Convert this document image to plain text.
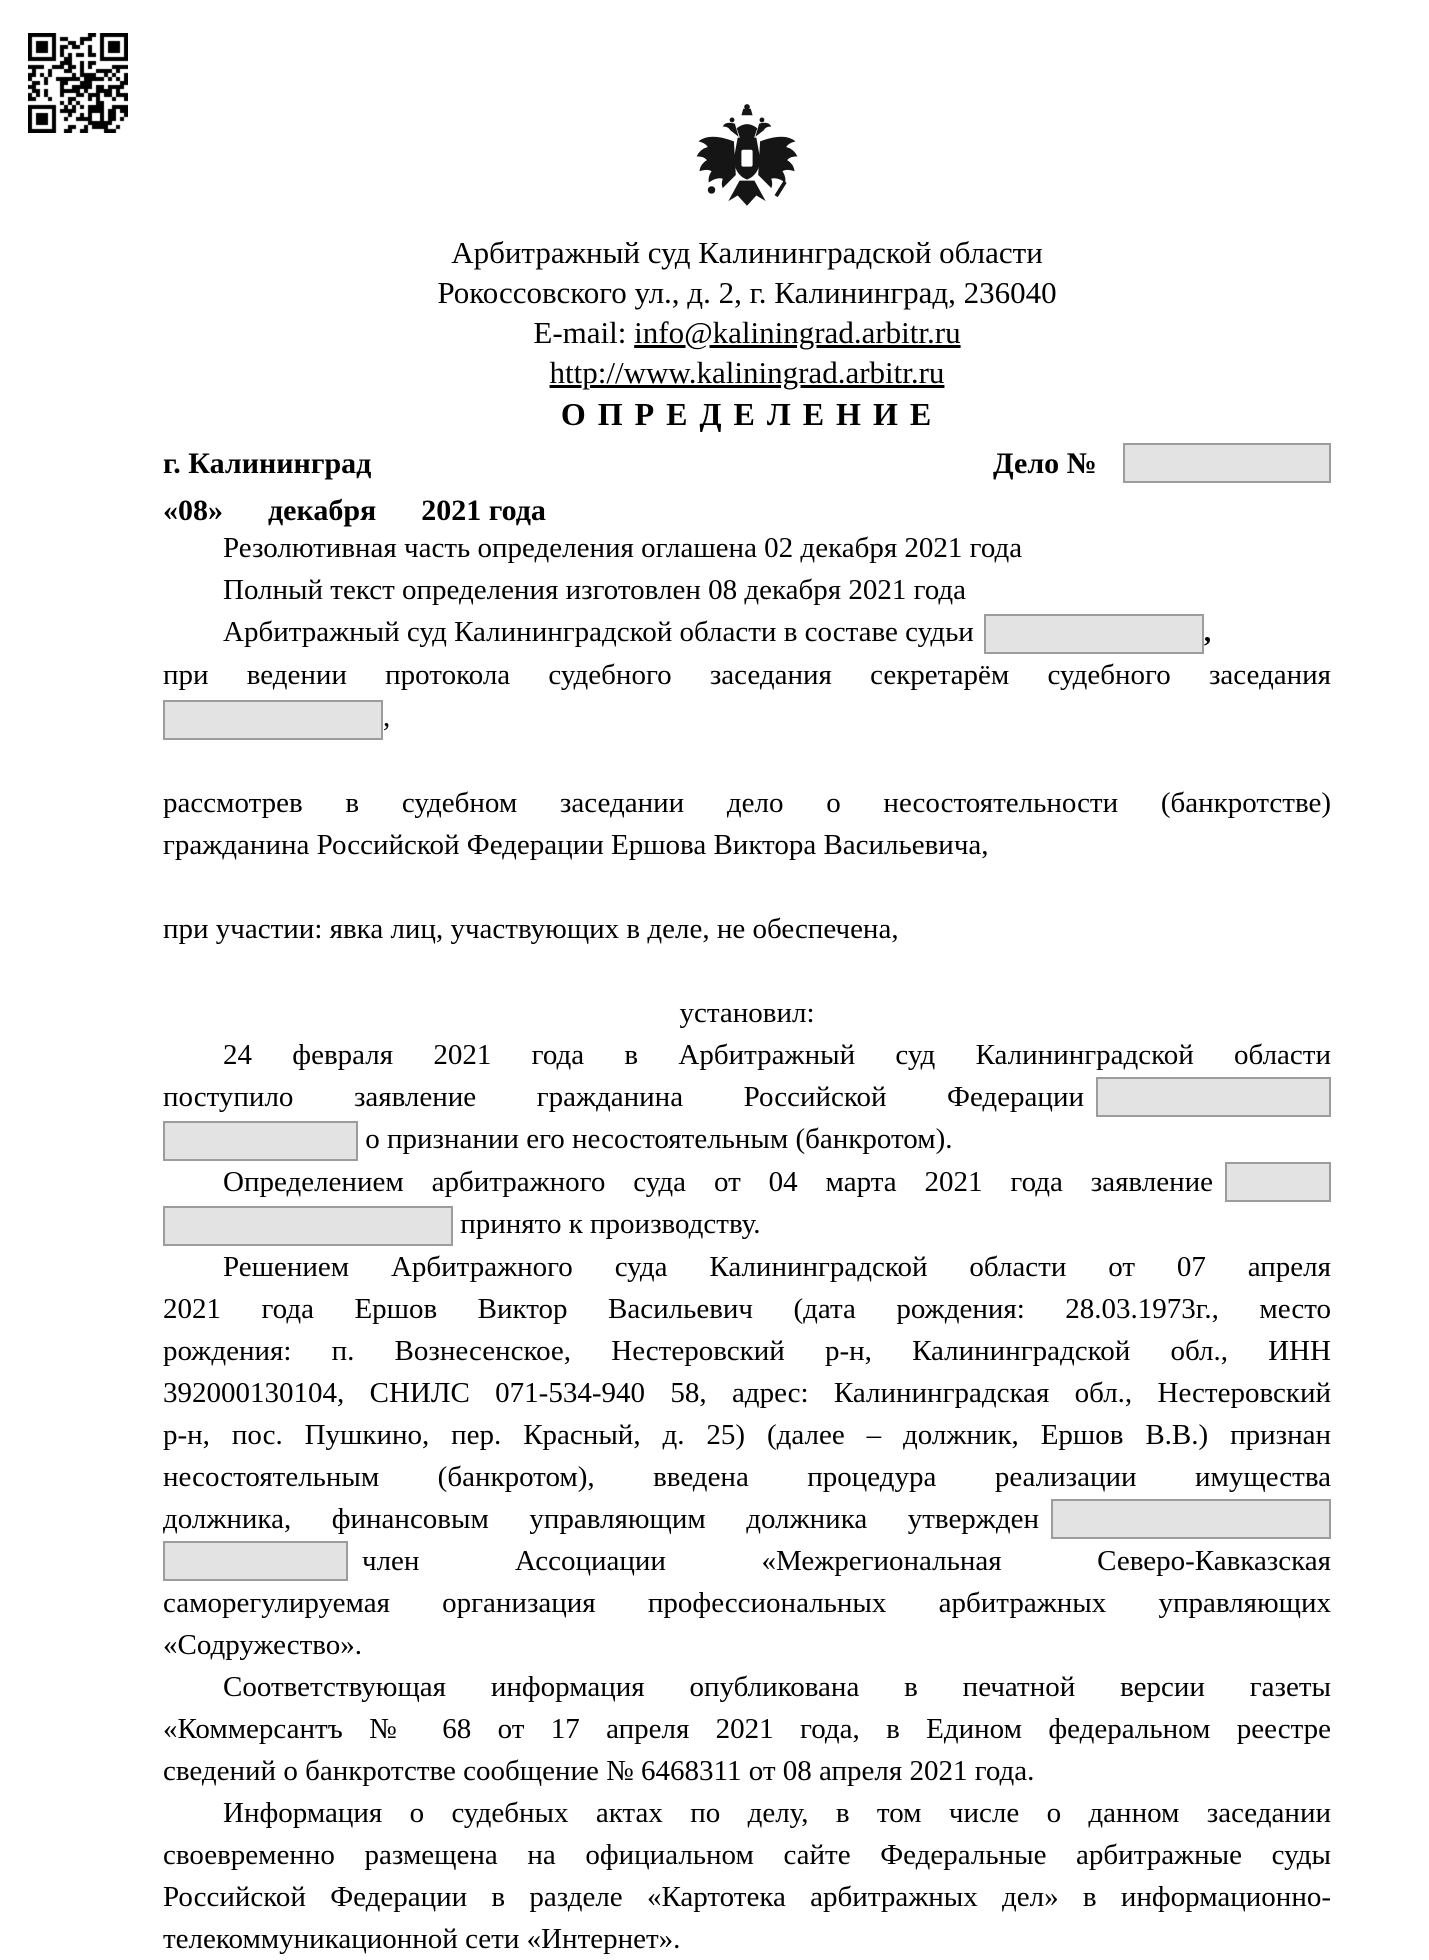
Арбитражный суд Калининградской области
Рокоссовского ул., д. 2, г. Калининград, 236040
E-mail: info@kaliningrad.arbitr.ru
http://www.kaliningrad.arbitr.ru
О П Р Е Д Е Л Е Н И Е
г. Калининград	Дело №
«08»      декабря      2021 года
Резолютивная часть определения оглашена 02 декабря 2021 года
Полный текст определения изготовлен 08 декабря 2021 года
Арбитражный суд Калининградской области в составе судьи	,
при ведении протокола судебного заседания секретарём судебного заседания
,
рассмотрев в судебном заседании дело о несостоятельности (банкротстве)
гражданина Российской Федерации Ершова Виктора Васильевича,
при участии: явка лиц, участвующих в деле, не обеспечена,
установил:
24 февраля 2021 года в Арбитражный суд Калининградской области
поступило заявление гражданина Российской Федерации
о признании его несостоятельным (банкротом).
Определением арбитражного суда от 04 марта 2021 года заявление
принято к производству.
Решением Арбитражного суда Калининградской области от 07 апреля
2021 года Ершов Виктор Васильевич (дата рождения: 28.03.1973г., место
рождения: п. Вознесенское, Нестеровский р-н, Калининградской обл., ИНН
392000130104, СНИЛС 071-534-940 58, адрес: Калининградская обл., Нестеровский
р-н, пос. Пушкино, пер. Красный, д. 25) (далее – должник, Ершов В.В.) признан
несостоятельным (банкротом), введена процедура реализации имущества
должника, финансовым управляющим должника утвержден
член Ассоциации «Межрегиональная Северо-Кавказская
саморегулируемая организация профессиональных арбитражных управляющих
«Содружество».
Соответствующая информация опубликована в печатной версии газеты
«Коммерсантъ № 68 от 17 апреля 2021 года, в Едином федеральном реестре
сведений о банкротстве сообщение № 6468311 от 08 апреля 2021 года.
Информация о судебных актах по делу, в том числе о данном заседании
своевременно размещена на официальном сайте Федеральные арбитражные суды
Российской Федерации в разделе «Картотека арбитражных дел» в информационно-
телекоммуникационной сети «Интернет».
